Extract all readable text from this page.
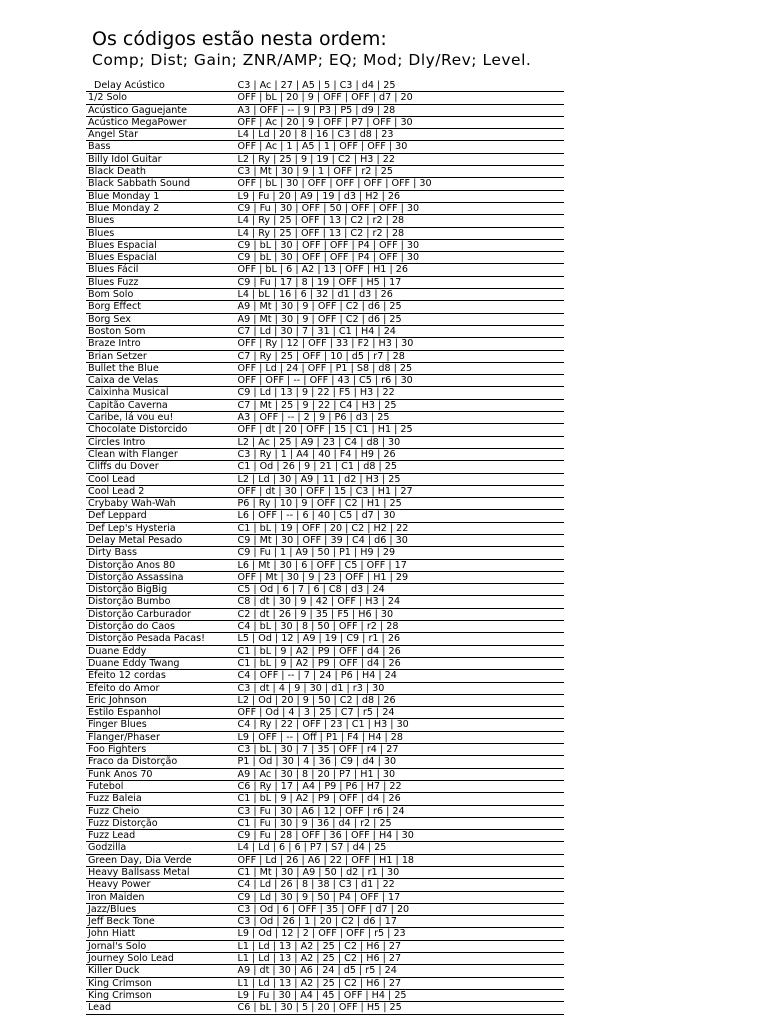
Os códigos estão nesta ordem:

Comp; Dist; Gain; ZNR/AMP; EQ; Mod; Dly/Rev; Level.

Delay Acústico	C3 | Ac | 27 | A5 | 5 | C3 | d4 | 25
1/2 Solo	OFF | bL | 20 | 9 | OFF | OFF | d7 | 20
Acústico Gaguejante	A3 | OFF | -- | 9 | P3 | P5 | d9 | 28
Acústico MegaPower	OFF | Ac | 20 | 9 | OFF | P7 | OFF | 30
Angel Star	L4 | Ld | 20 | 8 | 16 | C3 | d8 | 23
Bass	OFF | Ac | 1 | A5 | 1 | OFF | OFF | 30
Billy Idol Guitar	L2 | Ry | 25 | 9 | 19 | C2 | H3 | 22
Black Death	C3 | Mt | 30 | 9 | 1 | OFF | r2 | 25
Black Sabbath Sound	OFF | bL | 30 | OFF | OFF | OFF | OFF | 30
Blue Monday 1	L9 | Fu | 20 | A9 | 19 | d3 | H2 | 26
Blue Monday 2	C9 | Fu | 30 | OFF | 50 | OFF | OFF | 30
Blues	L4 | Ry | 25 | OFF | 13 | C2 | r2 | 28
Blues	L4 | Ry | 25 | OFF | 13 | C2 | r2 | 28
Blues Espacial	C9 | bL | 30 | OFF | OFF | P4 | OFF | 30
Blues Espacial	C9 | bL | 30 | OFF | OFF | P4 | OFF | 30
Blues Fácil	OFF | bL | 6 | A2 | 13 | OFF | H1 | 26
Blues Fuzz	C9 | Fu | 17 | 8 | 19 | OFF | H5 | 17
Bom Solo	L4 | bL | 16 | 6 | 32 | d1 | d3 | 26
Borg Effect	A9 | Mt | 30 | 9 | OFF | C2 | d6 | 25
Borg Sex	A9 | Mt | 30 | 9 | OFF | C2 | d6 | 25
Boston Som	C7 | Ld | 30 | 7 | 31 | C1 | H4 | 24
Braze Intro	OFF | Ry | 12 | OFF | 33 | F2 | H3 | 30
Brian Setzer	C7 | Ry | 25 | OFF | 10 | d5 | r7 | 28
Bullet the Blue	OFF | Ld | 24 | OFF | P1 | S8 | d8 | 25
Caixa de Velas	OFF | OFF | -- | OFF | 43 | C5 | r6 | 30
Caixinha Musical	C9 | Ld | 13 | 9 | 22 | F5 | H3 | 22
Capitão Caverna	C7 | Mt | 25 | 9 | 22 | C4 | H3 | 25
Caribe, lá vou eu!	A3 | OFF | -- | 2 | 9 | P6 | d3 | 25
Chocolate Distorcido	OFF | dt | 20 | OFF | 15 | C1 | H1 | 25
Circles Intro	L2 | Ac | 25 | A9 | 23 | C4 | d8 | 30
Clean with Flanger	C3 | Ry | 1 | A4 | 40 | F4 | H9 | 26
Cliffs du Dover	C1 | Od | 26 | 9 | 21 | C1 | d8 | 25
Cool Lead	L2 | Ld | 30 | A9 | 11 | d2 | H3 | 25
Cool Lead 2	OFF | dt | 30 | OFF | 15 | C3 | H1 | 27
Crybaby Wah-Wah	P6 | Ry | 10 | 9 | OFF | C2 | H1 | 25
Def Leppard	L6 | OFF | -- | 6 | 40 | C5 | d7 | 30
Def Lep's Hysteria	C1 | bL | 19 | OFF | 20 | C2 | H2 | 22
Delay Metal Pesado	C9 | Mt | 30 | OFF | 39 | C4 | d6 | 30
Dirty Bass	C9 | Fu | 1 | A9 | 50 | P1 | H9 | 29
Distorção Anos 80	L6 | Mt | 30 | 6 | OFF | C5 | OFF | 17
Distorção Assassina	OFF | Mt | 30 | 9 | 23 | OFF | H1 | 29
Distorção BigBig	C5 | Od | 6 | 7 | 6 | C8 | d3 | 24
Distorção Bumbo	C8 | dt | 30 | 9 | 42 | OFF | H3 | 24
Distorção Carburador	C2 | dt | 26 | 9 | 35 | F5 | H6 | 30
Distorção do Caos	C4 | bL | 30 | 8 | 50 | OFF | r2 | 28
Distorção Pesada Pacas!	L5 | Od | 12 | A9 | 19 | C9 | r1 | 26
Duane Eddy	C1 | bL | 9 | A2 | P9 | OFF | d4 | 26
Duane Eddy Twang	C1 | bL | 9 | A2 | P9 | OFF | d4 | 26
Efeito 12 cordas	C4 | OFF | -- | 7 | 24 | P6 | H4 | 24
Efeito do Amor	C3 | dt | 4 | 9 | 30 | d1 | r3 | 30
Eric Johnson	L2 | Od | 20 | 9 | 50 | C2 | d8 | 26
Estilo Espanhol	OFF | Od | 4 | 3 | 25 | C7 | r5 | 24
Finger Blues	C4 | Ry | 22 | OFF | 23 | C1 | H3 | 30
Flanger/Phaser	L9 | OFF | -- | Off | P1 | F4 | H4 | 28
Foo Fighters	C3 | bL | 30 | 7 | 35 | OFF | r4 | 27
Fraco da Distorção	P1 | Od | 30 | 4 | 36 | C9 | d4 | 30
Funk Anos 70	A9 | Ac | 30 | 8 | 20 | P7 | H1 | 30
Futebol	C6 | Ry | 17 | A4 | P9 | P6 | H7 | 22
Fuzz Baleia	C1 | bL | 9 | A2 | P9 | OFF | d4 | 26
Fuzz Cheio	C3 | Fu | 30 | A6 | 12 | OFF | r6 | 24
Fuzz Distorção	C1 | Fu | 30 | 9 | 36 | d4 | r2 | 25
Fuzz Lead	C9 | Fu | 28 | OFF | 36 | OFF | H4 | 30
Godzilla	L4 | Ld | 6 | 6 | P7 | S7 | d4 | 25
Green Day, Dia Verde	OFF | Ld | 26 | A6 | 22 | OFF | H1 | 18
Heavy Ballsass Metal	C1 | Mt | 30 | A9 | 50 | d2 | r1 | 30
Heavy Power	C4 | Ld | 26 | 8 | 38 | C3 | d1 | 22
Iron Maiden	C9 | Ld | 30 | 9 | 50 | P4 | OFF | 17
Jazz/Blues	C3 | Od | 6 | OFF | 35 | OFF | d7 | 20
Jeff Beck Tone	C3 | Od | 26 | 1 | 20 | C2 | d6 | 17
John Hiatt	L9 | Od | 12 | 2 | OFF | OFF | r5 | 23
Jornal's Solo	L1 | Ld | 13 | A2 | 25 | C2 | H6 | 27
Journey Solo Lead	L1 | Ld | 13 | A2 | 25 | C2 | H6 | 27
Killer Duck	A9 | dt | 30 | A6 | 24 | d5 | r5 | 24
King Crimson	L1 | Ld | 13 | A2 | 25 | C2 | H6 | 27
King Crimson	L9 | Fu | 30 | A4 | 45 | OFF | H4 | 25
Lead	C6 | bL | 30 | 5 | 20 | OFF | H5 | 25
